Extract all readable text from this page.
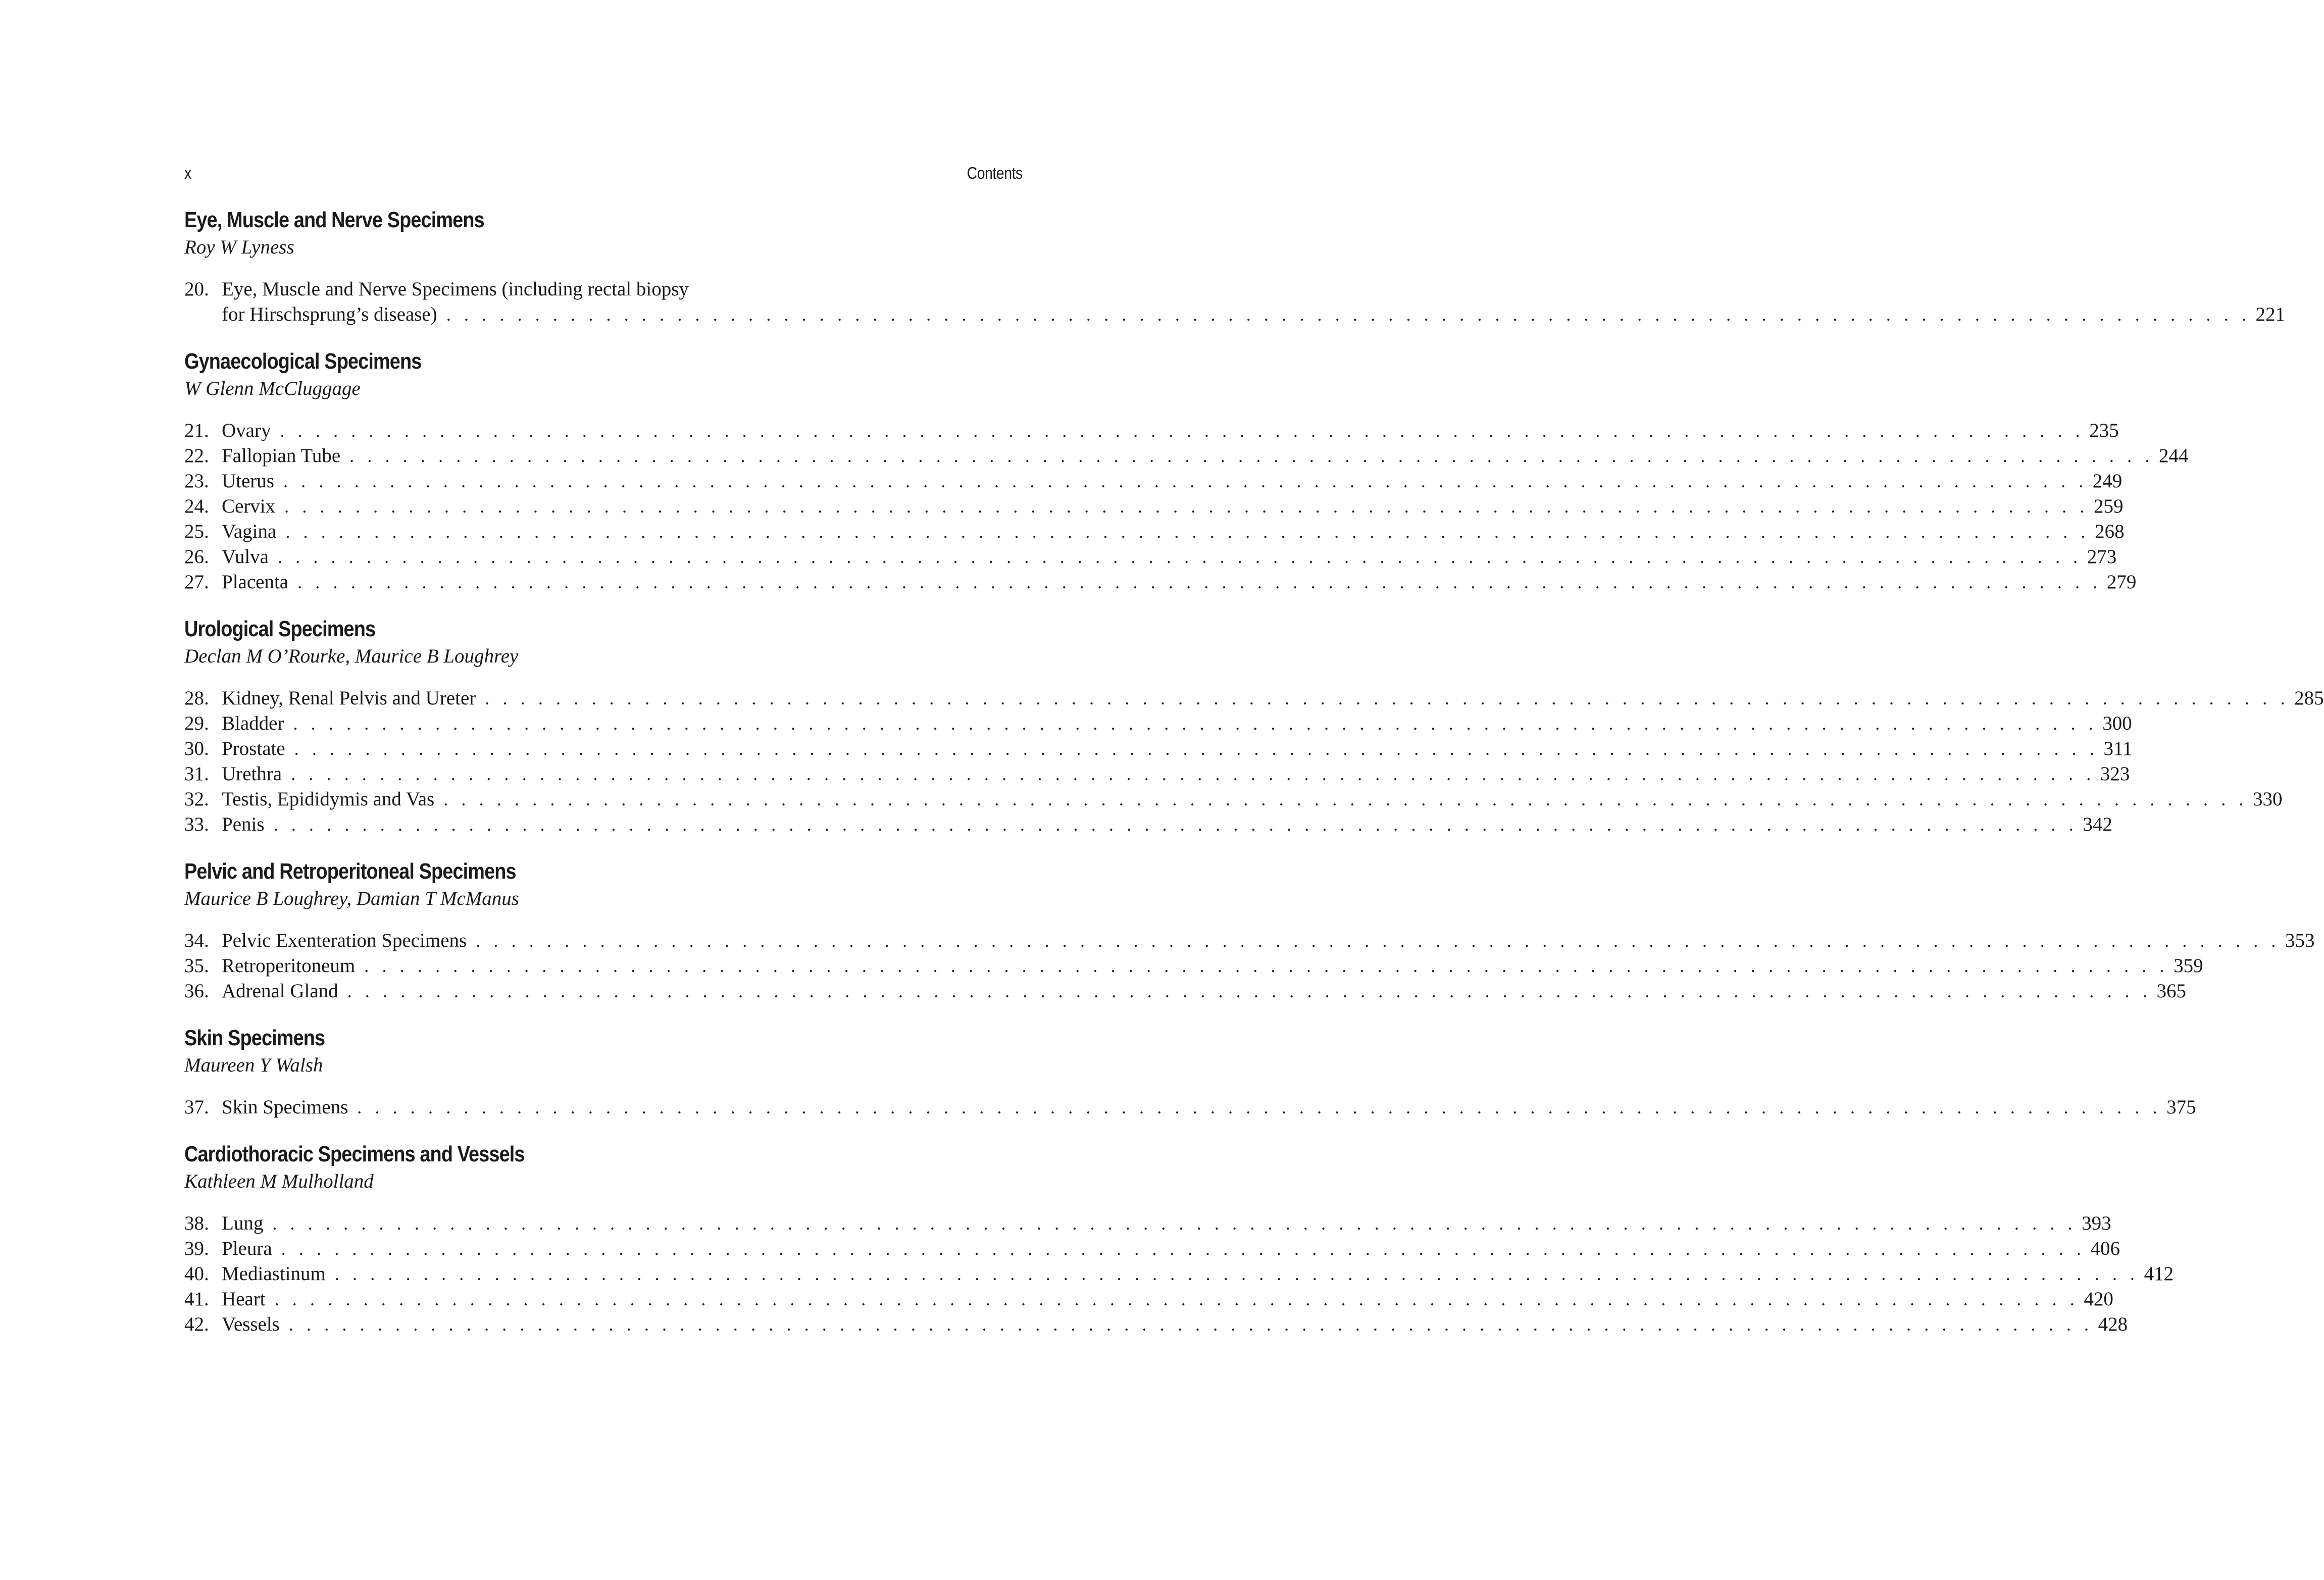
x	Contents
Eye, Muscle and Nerve Specimens

Roy W Lyness

20. Eye, Muscle and Nerve Specimens (including rectal biopsy
for Hirschsprung’s disease) . . . . . . . . . . . . . . . . . . . . . . . . . . . . . . . . . . . . . . . . . . . . . . . . . . . . . . . . . . . . . . . . . . . . . . . . . . . . . . . . . . . . . . . . . . . . . . . . . . . . . . 221
Gynaecological Specimens

W Glenn McCluggage

21. Ovary . . . . . . . . . . . . . . . . . . . . . . . . . . . . . . . . . . . . . . . . . . . . . . . . . . . . . . . . . . . . . . . . . . . . . . . . . . . . . . . . . . . . . . . . . . . . . . . . . . . . . . 235
22. Fallopian Tube . . . . . . . . . . . . . . . . . . . . . . . . . . . . . . . . . . . . . . . . . . . . . . . . . . . . . . . . . . . . . . . . . . . . . . . . . . . . . . . . . . . . . . . . . . . . . . . . . . . . . . 244
23. Uterus . . . . . . . . . . . . . . . . . . . . . . . . . . . . . . . . . . . . . . . . . . . . . . . . . . . . . . . . . . . . . . . . . . . . . . . . . . . . . . . . . . . . . . . . . . . . . . . . . . . . . . 249
24. Cervix . . . . . . . . . . . . . . . . . . . . . . . . . . . . . . . . . . . . . . . . . . . . . . . . . . . . . . . . . . . . . . . . . . . . . . . . . . . . . . . . . . . . . . . . . . . . . . . . . . . . . . 259
25. Vagina . . . . . . . . . . . . . . . . . . . . . . . . . . . . . . . . . . . . . . . . . . . . . . . . . . . . . . . . . . . . . . . . . . . . . . . . . . . . . . . . . . . . . . . . . . . . . . . . . . . . . . 268
26. Vulva . . . . . . . . . . . . . . . . . . . . . . . . . . . . . . . . . . . . . . . . . . . . . . . . . . . . . . . . . . . . . . . . . . . . . . . . . . . . . . . . . . . . . . . . . . . . . . . . . . . . . . 273
27. Placenta . . . . . . . . . . . . . . . . . . . . . . . . . . . . . . . . . . . . . . . . . . . . . . . . . . . . . . . . . . . . . . . . . . . . . . . . . . . . . . . . . . . . . . . . . . . . . . . . . . . . . . 279
Urological Specimens

Declan M O’Rourke, Maurice B Loughrey

28. Kidney, Renal Pelvis and Ureter . . . . . . . . . . . . . . . . . . . . . . . . . . . . . . . . . . . . . . . . . . . . . . . . . . . . . . . . . . . . . . . . . . . . . . . . . . . . . . . . . . . . . . . . . . . . . . . . . . . . . . 285
29. Bladder . . . . . . . . . . . . . . . . . . . . . . . . . . . . . . . . . . . . . . . . . . . . . . . . . . . . . . . . . . . . . . . . . . . . . . . . . . . . . . . . . . . . . . . . . . . . . . . . . . . . . . 300
30. Prostate . . . . . . . . . . . . . . . . . . . . . . . . . . . . . . . . . . . . . . . . . . . . . . . . . . . . . . . . . . . . . . . . . . . . . . . . . . . . . . . . . . . . . . . . . . . . . . . . . . . . . . 311
31. Urethra . . . . . . . . . . . . . . . . . . . . . . . . . . . . . . . . . . . . . . . . . . . . . . . . . . . . . . . . . . . . . . . . . . . . . . . . . . . . . . . . . . . . . . . . . . . . . . . . . . . . . . 323
32. Testis, Epididymis and Vas . . . . . . . . . . . . . . . . . . . . . . . . . . . . . . . . . . . . . . . . . . . . . . . . . . . . . . . . . . . . . . . . . . . . . . . . . . . . . . . . . . . . . . . . . . . . . . . . . . . . . . 330
33. Penis . . . . . . . . . . . . . . . . . . . . . . . . . . . . . . . . . . . . . . . . . . . . . . . . . . . . . . . . . . . . . . . . . . . . . . . . . . . . . . . . . . . . . . . . . . . . . . . . . . . . . . 342
Pelvic and Retroperitoneal Specimens

Maurice B Loughrey, Damian T McManus

34. Pelvic Exenteration Specimens . . . . . . . . . . . . . . . . . . . . . . . . . . . . . . . . . . . . . . . . . . . . . . . . . . . . . . . . . . . . . . . . . . . . . . . . . . . . . . . . . . . . . . . . . . . . . . . . . . . . . . 353
35. Retroperitoneum . . . . . . . . . . . . . . . . . . . . . . . . . . . . . . . . . . . . . . . . . . . . . . . . . . . . . . . . . . . . . . . . . . . . . . . . . . . . . . . . . . . . . . . . . . . . . . . . . . . . . . 359
36. Adrenal Gland . . . . . . . . . . . . . . . . . . . . . . . . . . . . . . . . . . . . . . . . . . . . . . . . . . . . . . . . . . . . . . . . . . . . . . . . . . . . . . . . . . . . . . . . . . . . . . . . . . . . . . 365
Skin Specimens

Maureen Y Walsh

37. Skin Specimens . . . . . . . . . . . . . . . . . . . . . . . . . . . . . . . . . . . . . . . . . . . . . . . . . . . . . . . . . . . . . . . . . . . . . . . . . . . . . . . . . . . . . . . . . . . . . . . . . . . . . . 375
Cardiothoracic Specimens and Vessels

Kathleen M Mulholland

38. Lung . . . . . . . . . . . . . . . . . . . . . . . . . . . . . . . . . . . . . . . . . . . . . . . . . . . . . . . . . . . . . . . . . . . . . . . . . . . . . . . . . . . . . . . . . . . . . . . . . . . . . . 393
39. Pleura . . . . . . . . . . . . . . . . . . . . . . . . . . . . . . . . . . . . . . . . . . . . . . . . . . . . . . . . . . . . . . . . . . . . . . . . . . . . . . . . . . . . . . . . . . . . . . . . . . . . . . 406
40. Mediastinum . . . . . . . . . . . . . . . . . . . . . . . . . . . . . . . . . . . . . . . . . . . . . . . . . . . . . . . . . . . . . . . . . . . . . . . . . . . . . . . . . . . . . . . . . . . . . . . . . . . . . . 412
41. Heart . . . . . . . . . . . . . . . . . . . . . . . . . . . . . . . . . . . . . . . . . . . . . . . . . . . . . . . . . . . . . . . . . . . . . . . . . . . . . . . . . . . . . . . . . . . . . . . . . . . . . . 420
42. Vessels . . . . . . . . . . . . . . . . . . . . . . . . . . . . . . . . . . . . . . . . . . . . . . . . . . . . . . . . . . . . . . . . . . . . . . . . . . . . . . . . . . . . . . . . . . . . . . . . . . . . . . 428
